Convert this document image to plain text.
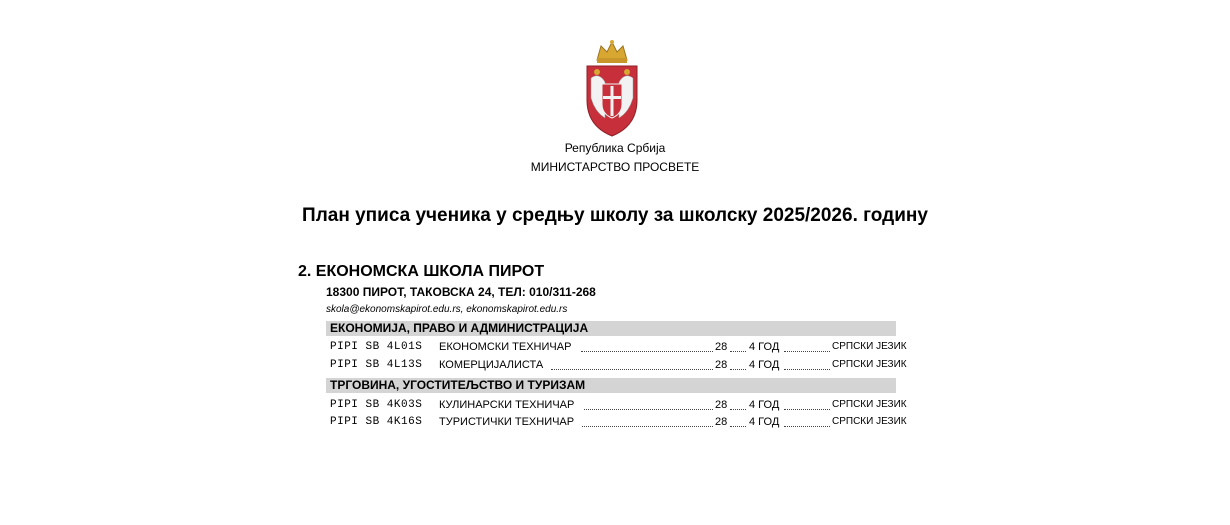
Република Србија
МИНИСТАРСТВО ПРОСВЕТЕ
План уписа ученика у средњу школу за школску 2025/2026. годину
2. ЕКОНОМСКА ШКОЛА ПИРОТ
18300 ПИРОТ, ТАКОВСКА 24, ТЕЛ: 010/311-268
skola@ekonomskapirot.edu.rs, ekonomskapirot.edu.rs
ЕКОНОМИЈА, ПРАВО И АДМИНИСТРАЦИЈА
PIPI SB 4L01S ЕКОНОМСКИ ТЕХНИЧАР	28 4 ГОД	СРПСКИ ЈЕЗИК
PIPI SB 4L13S КОМЕРЦИЈАЛИСТА	28 4 ГОД	СРПСКИ ЈЕЗИК
ТРГОВИНА, УГОСТИТЕЉСТВО И ТУРИЗАМ
PIPI SB 4K03S КУЛИНАРСКИ ТЕХНИЧАР	28 4 ГОД	СРПСКИ ЈЕЗИК
PIPI SB 4K16S ТУРИСТИЧКИ ТЕХНИЧАР	28 4 ГОД	СРПСКИ ЈЕЗИК
